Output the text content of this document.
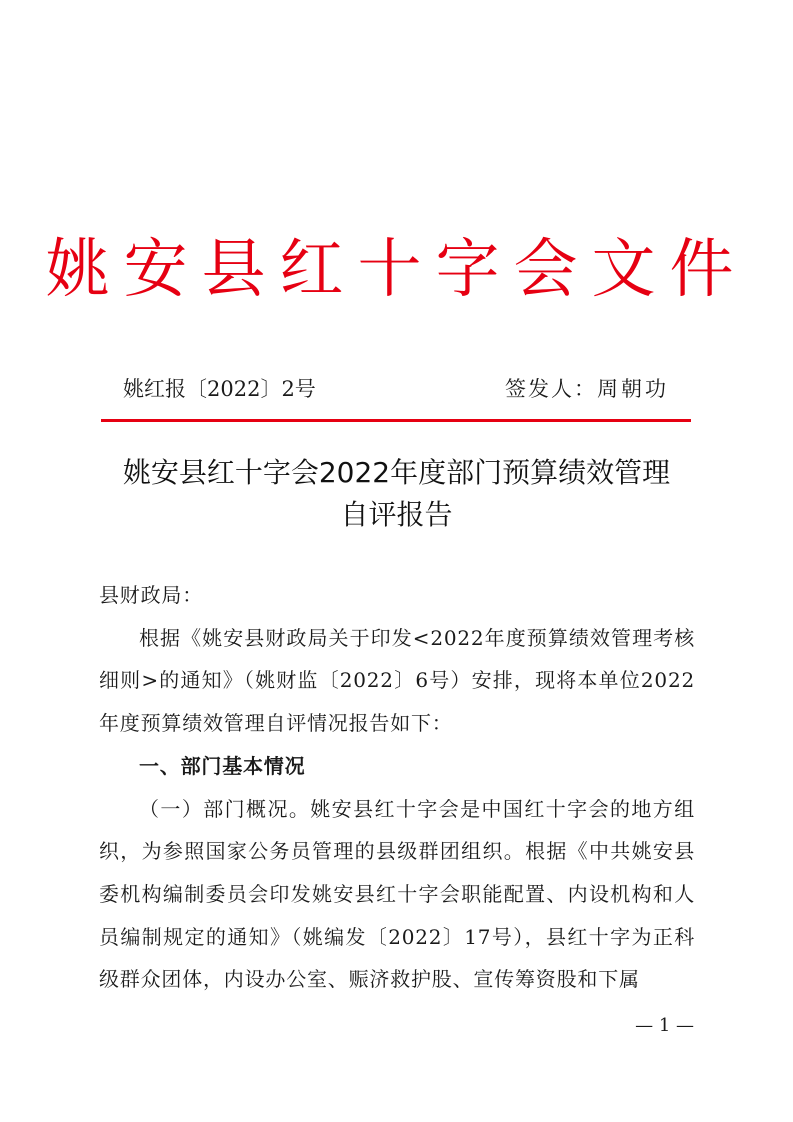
姚安县红十字会文件
姚红报〔2022〕2号	签发人：周朝功
姚安县红十字会2022年度部门预算绩效管理
自评报告

县财政局：

根据《姚安县财政局关于印发<2022年度预算绩效管理考核细则>的通知》（姚财监〔2022〕6号）安排，现将本单位2022年度预算绩效管理自评情况报告如下：

一、部门基本情况

（一）部门概况。姚安县红十字会是中国红十字会的地方组织，为参照国家公务员管理的县级群团组织。根据《中共姚安县委机构编制委员会印发姚安县红十字会职能配置、内设机构和人员编制规定的通知》（姚编发〔2022〕17号），县红十字为正科级群众团体，内设办公室、赈济救护股、宣传筹资股和下属

— 1 —
